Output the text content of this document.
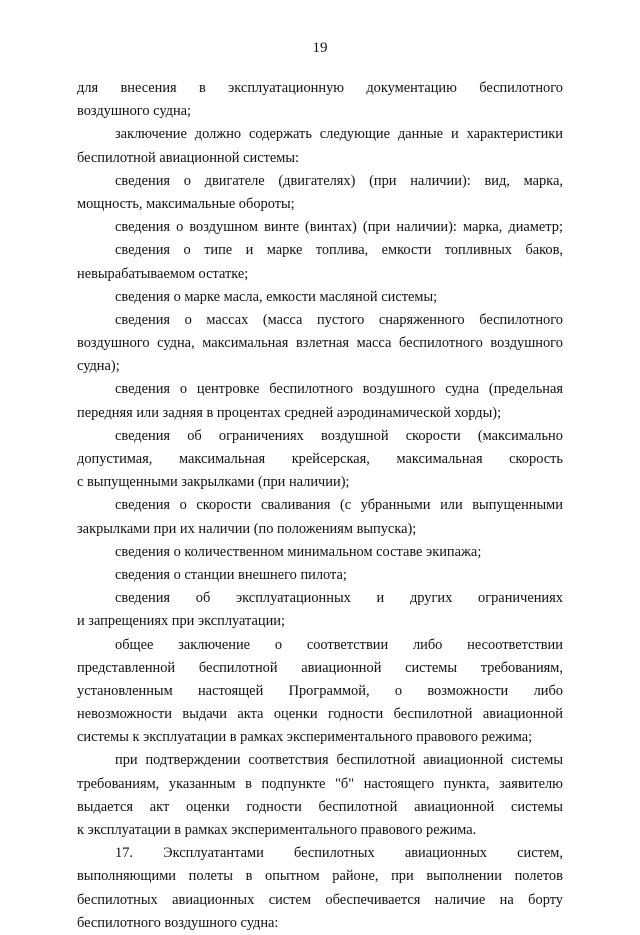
19
для внесения в эксплуатационную документацию беспилотного
воздушного судна;
заключение должно содержать следующие данные и характеристики
беспилотной авиационной системы:
сведения о двигателе (двигателях) (при наличии): вид, марка,
мощность, максимальные обороты;
сведения о воздушном винте (винтах) (при наличии): марка, диаметр;
сведения о типе и марке топлива, емкости топливных баков,
невырабатываемом остатке;
сведения о марке масла, емкости масляной системы;
сведения о массах (масса пустого снаряженного беспилотного
воздушного судна, максимальная взлетная масса беспилотного воздушного
судна);
сведения о центровке беспилотного воздушного судна (предельная
передняя или задняя в процентах средней аэродинамической хорды);
сведения об ограничениях воздушной скорости (максимально
допустимая, максимальная крейсерская, максимальная скорость
с выпущенными закрылками (при наличии);
сведения о скорости сваливания (с убранными или выпущенными
закрылками при их наличии (по положениям выпуска);
сведения о количественном минимальном составе экипажа;
сведения о станции внешнего пилота;
сведения об эксплуатационных и других ограничениях
и запрещениях при эксплуатации;
общее заключение о соответствии либо несоответствии
представленной беспилотной авиационной системы требованиям,
установленным настоящей Программой, о возможности либо
невозможности выдачи акта оценки годности беспилотной авиационной
системы к эксплуатации в рамках экспериментального правового режима;
при подтверждении соответствия беспилотной авиационной системы
требованиям, указанным в подпункте "б" настоящего пункта, заявителю
выдается акт оценки годности беспилотной авиационной системы
к эксплуатации в рамках экспериментального правового режима.
17. Эксплуатантами беспилотных авиационных систем,
выполняющими полеты в опытном районе, при выполнении полетов
беспилотных авиационных систем обеспечивается наличие на борту
беспилотного воздушного судна:
